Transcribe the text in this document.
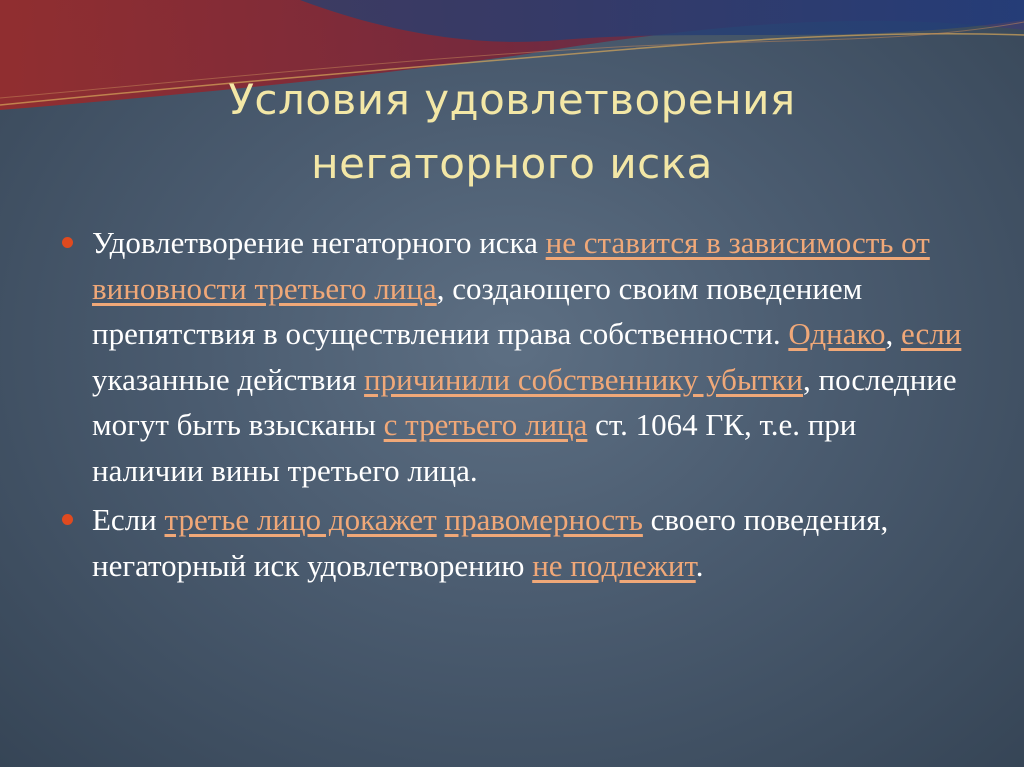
Условия удовлетворения
негаторного иска
Удовлетворение негаторного иска не ставится в зависимость от виновности третьего лица, создающего своим поведением препятствия в осуществлении права собственности. Однако, если указанные действия причинили собственнику убытки, последние могут быть взысканы с третьего лица ст. 1064 ГК, т.е. при наличии вины третьего лица.
Если третье лицо докажет правомерность своего поведения, негаторный иск удовлетворению не подлежит.
